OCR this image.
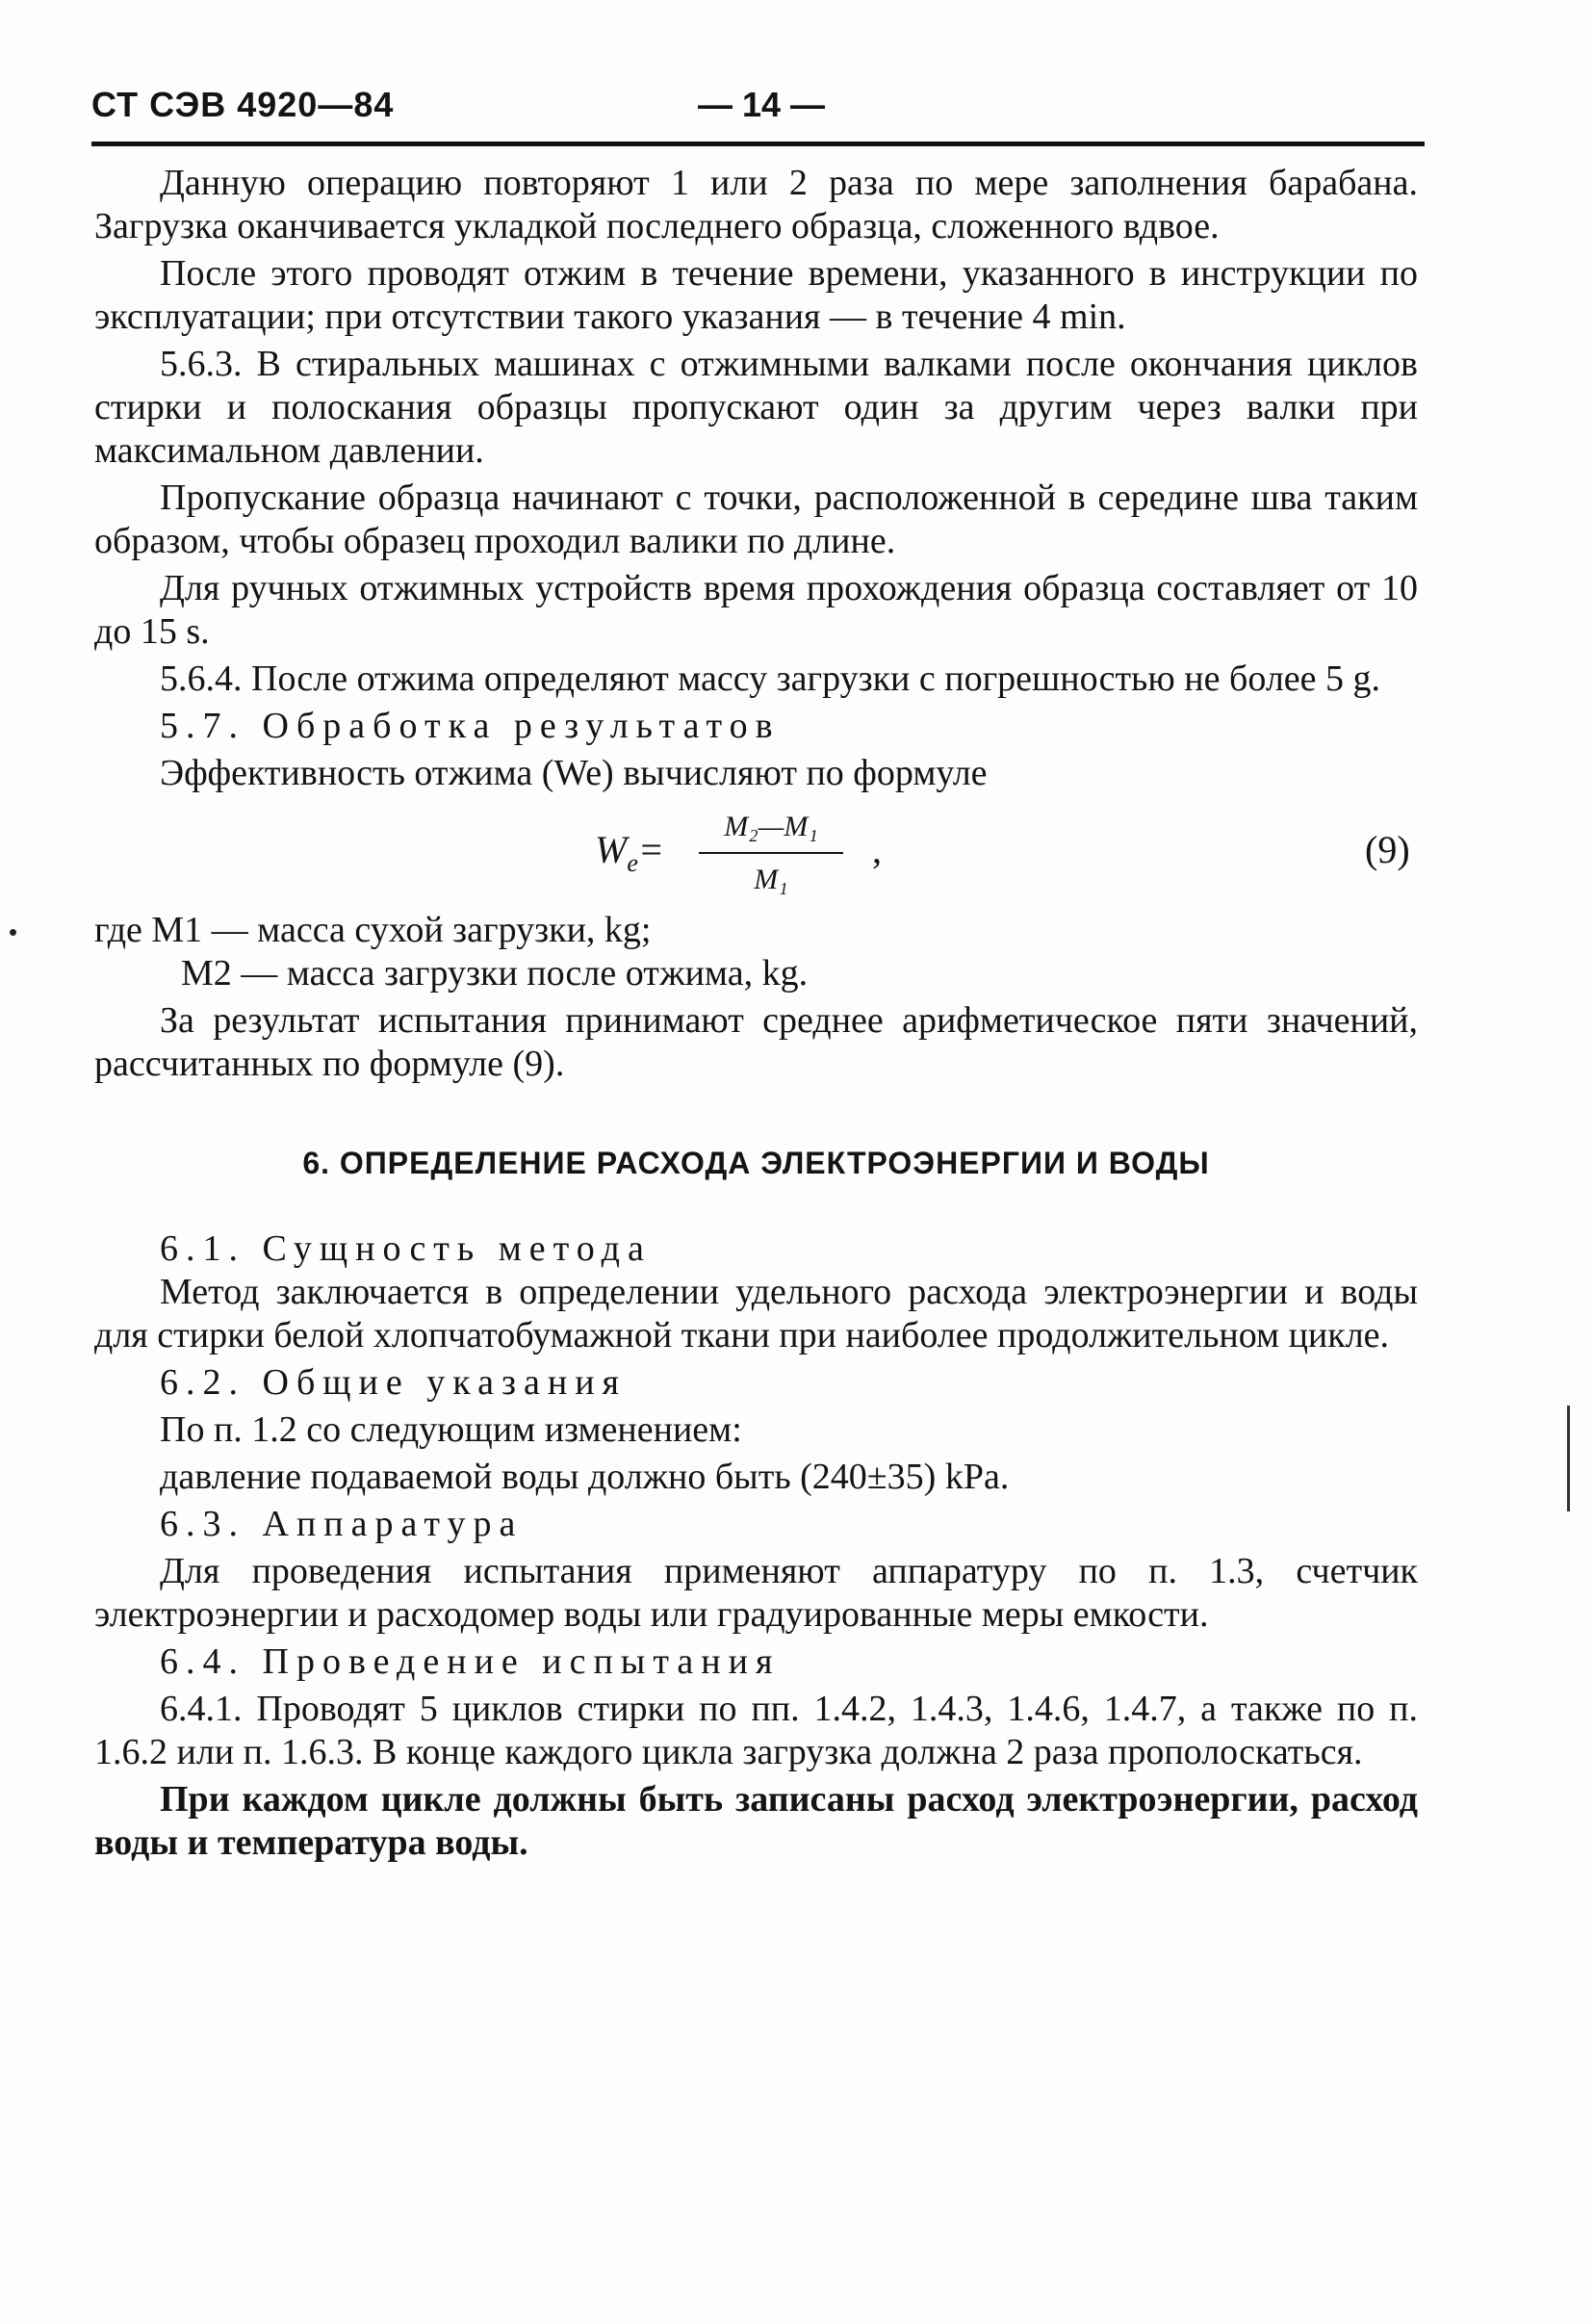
СТ СЭВ 4920—84	— 14 —

Данную операцию повторяют 1 или 2 раза по мере заполнения барабана. Загрузка оканчивается укладкой последнего образца, сложенного вдвое.

После этого проводят отжим в течение времени, указанного в инструкции по эксплуатации; при отсутствии такого указания — в течение 4 min.

5.6.3. В стиральных машинах с отжимными валками после окончания циклов стирки и полоскания образцы пропускают один за другим через валки при максимальном давлении.

Пропускание образца начинают с точки, расположенной в середине шва таким образом, чтобы образец проходил валики по длине.

Для ручных отжимных устройств время прохождения образца составляет от 10 до 15 s.

5.6.4. После отжима определяют массу загрузки с погрешностью не более 5 g.

5.7. Обработка результатов

Эффективность отжима (We) вычисляют по формуле

$W_e= \frac{\text{M₂—M₁}}{\text{M₁}}$ ,	(9)

где M1 — масса сухой загрузки, kg;

M2 — масса загрузки после отжима, kg.

За результат испытания принимают среднее арифметическое пяти значений, рассчитанных по формуле (9).

6. ОПРЕДЕЛЕНИЕ РАСХОДА ЭЛЕКТРОЭНЕРГИИ И ВОДЫ

6.1. Сущность метода

Метод заключается в определении удельного расхода электроэнергии и воды для стирки белой хлопчатобумажной ткани при наиболее продолжительном цикле.

6.2. Общие указания

По п. 1.2 со следующим изменением:

давление подаваемой воды должно быть (240±35) kPa.

6.3. Аппаратура

Для проведения испытания применяют аппаратуру по п. 1.3, счетчик электроэнергии и расходомер воды или градуированные меры емкости.

6.4. Проведение испытания

6.4.1. Проводят 5 циклов стирки по пп. 1.4.2, 1.4.3, 1.4.6, 1.4.7, а также по п. 1.6.2 или п. 1.6.3. В конце каждого цикла загрузка должна 2 раза прополоскаться.

При каждом цикле должны быть записаны расход электроэнергии, расход воды и температура воды.
